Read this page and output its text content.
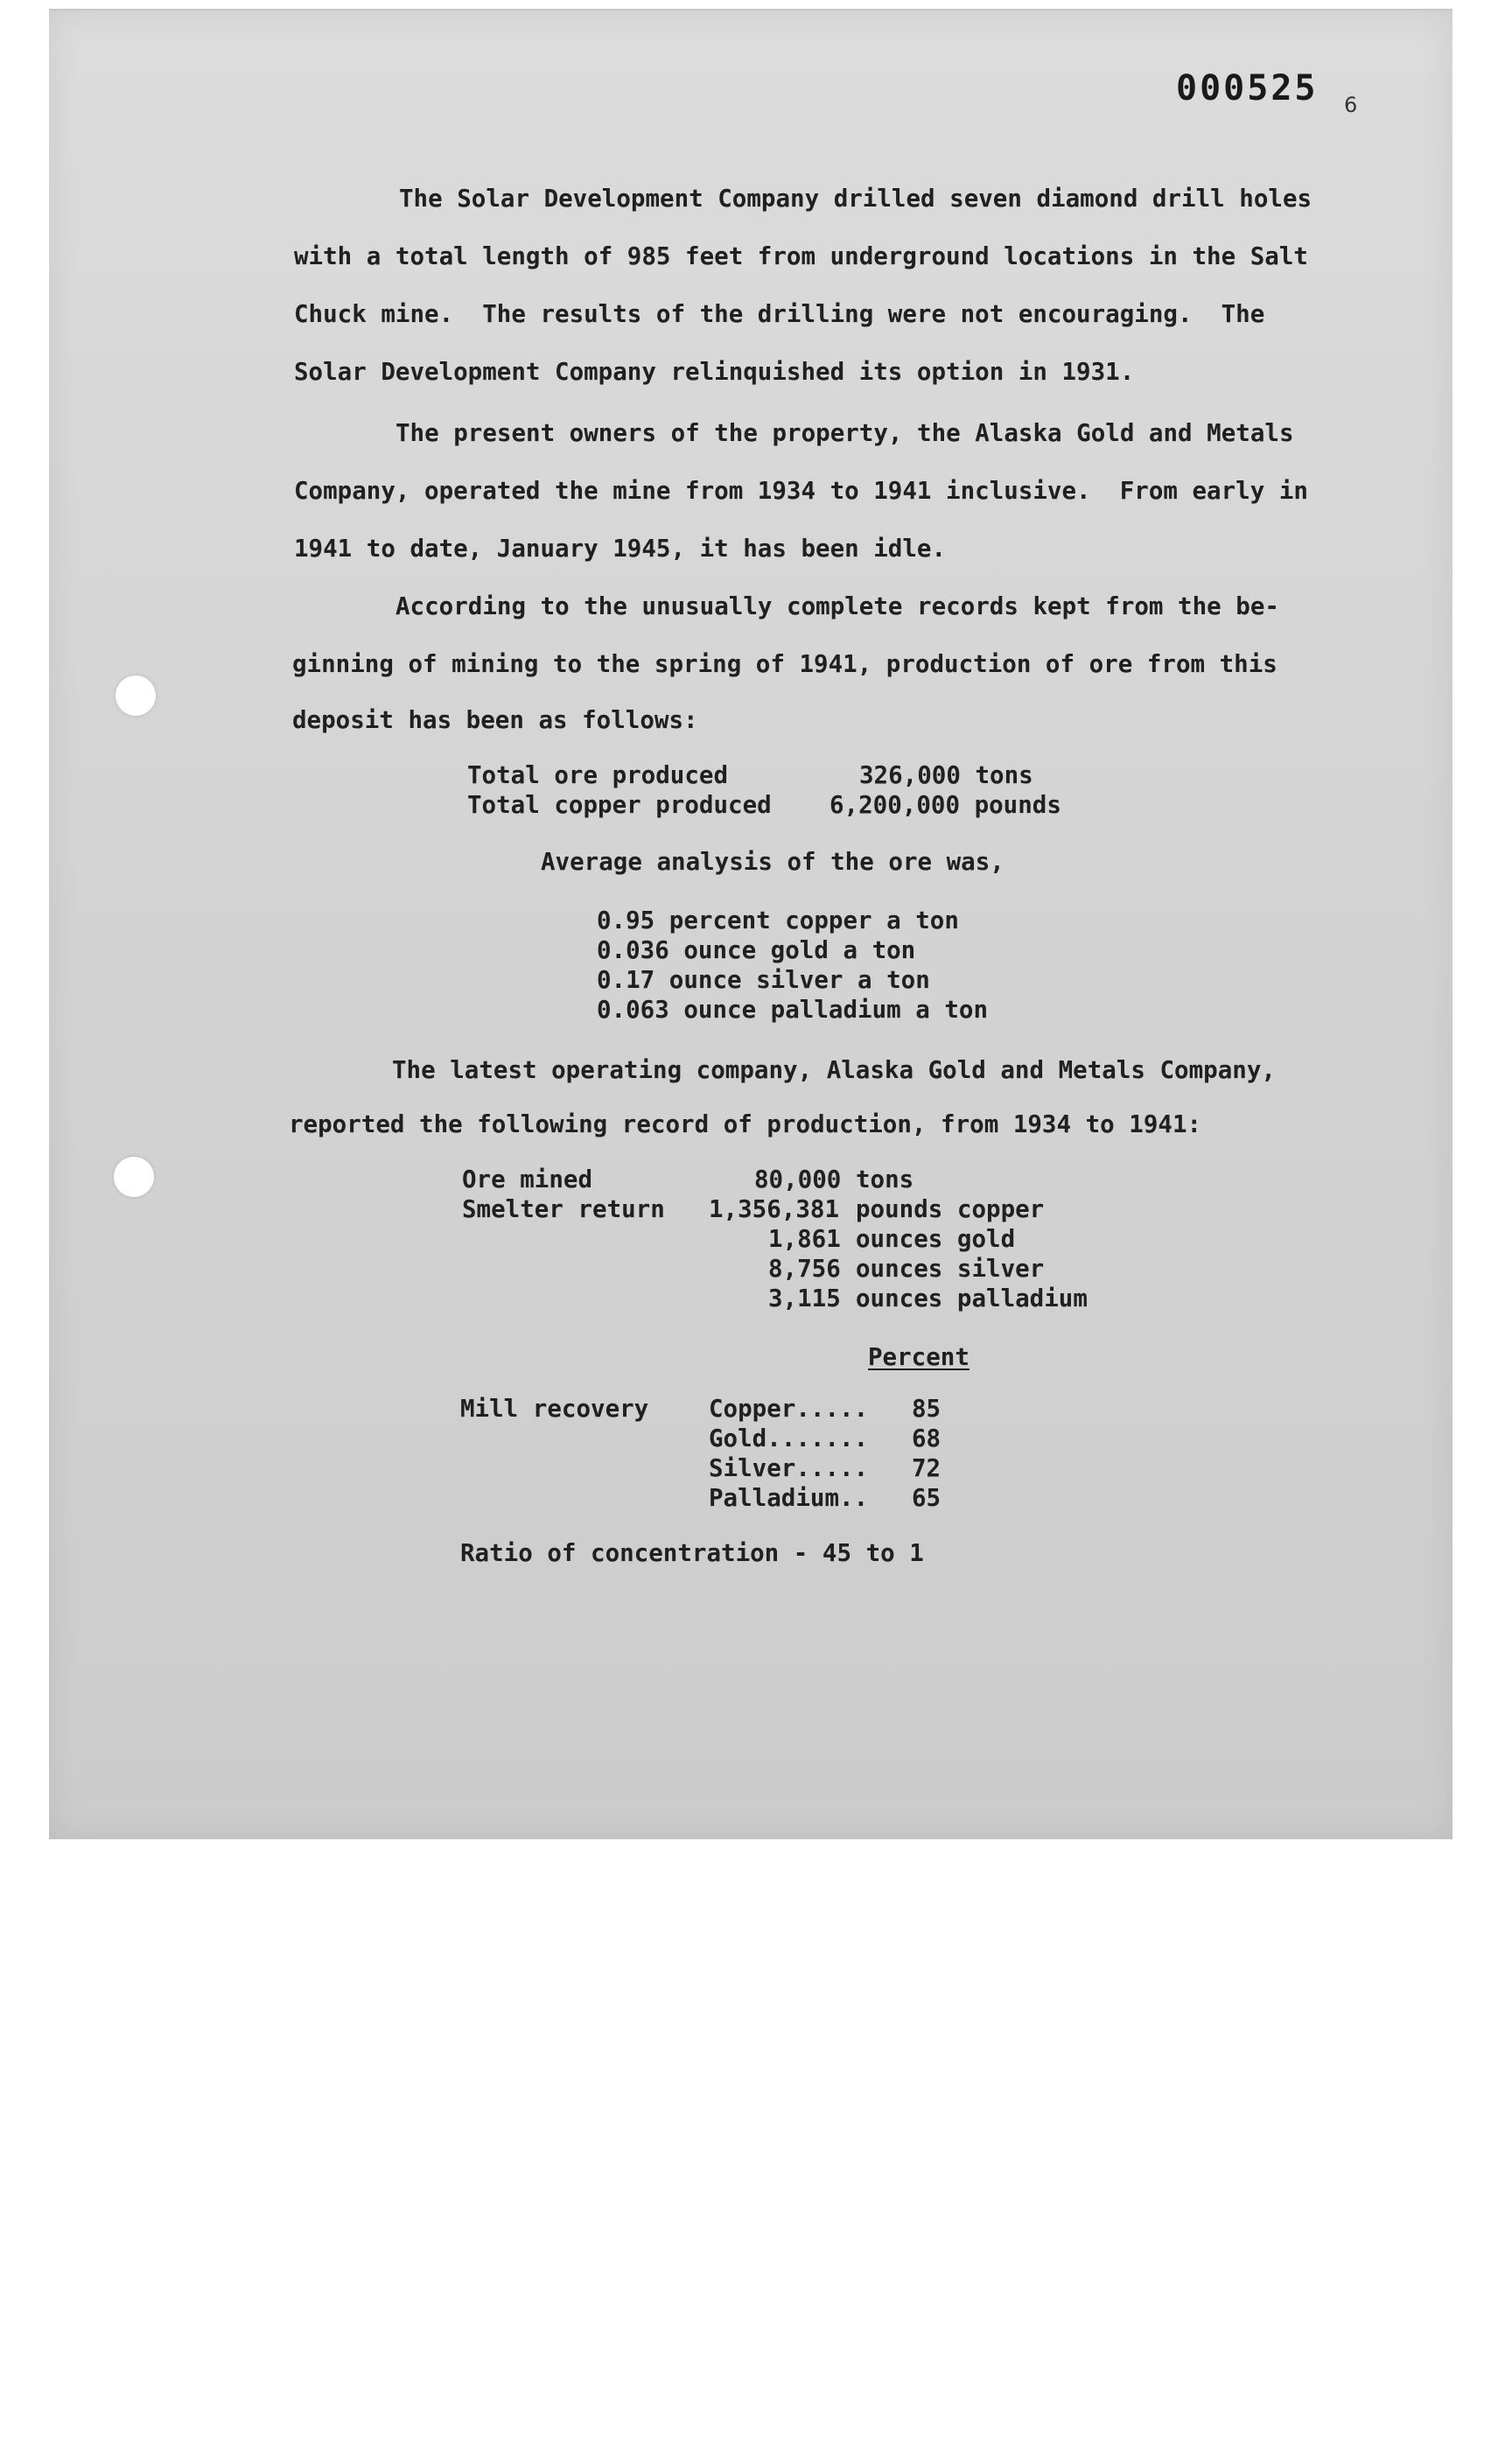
000525 6
The Solar Development Company drilled seven diamond drill holes
with a total length of 985 feet from underground locations in the Salt
Chuck mine.  The results of the drilling were not encouraging.  The
Solar Development Company relinquished its option in 1931.
The present owners of the property, the Alaska Gold and Metals
Company, operated the mine from 1934 to 1941 inclusive.  From early in
1941 to date, January 1945, it has been idle.
According to the unusually complete records kept from the be-
ginning of mining to the spring of 1941, production of ore from this
deposit has been as follows:
Total ore produced	326,000 tons
Total copper produced 6,200,000 pounds
Average analysis of the ore was,
0.95 percent copper a ton
0.036 ounce gold a ton
0.17 ounce silver a ton
0.063 ounce palladium a ton
The latest operating company, Alaska Gold and Metals Company,
reported the following record of production, from 1934 to 1941:
Ore mined	80,000 tons
Smelter return 1,356,381 pounds copper
1,861 ounces gold
8,756 ounces silver
3,115 ounces palladium
Percent
Mill recovery	Copper..... 85
Gold....... 68
Silver..... 72
Palladium.. 65
Ratio of concentration - 45 to 1
